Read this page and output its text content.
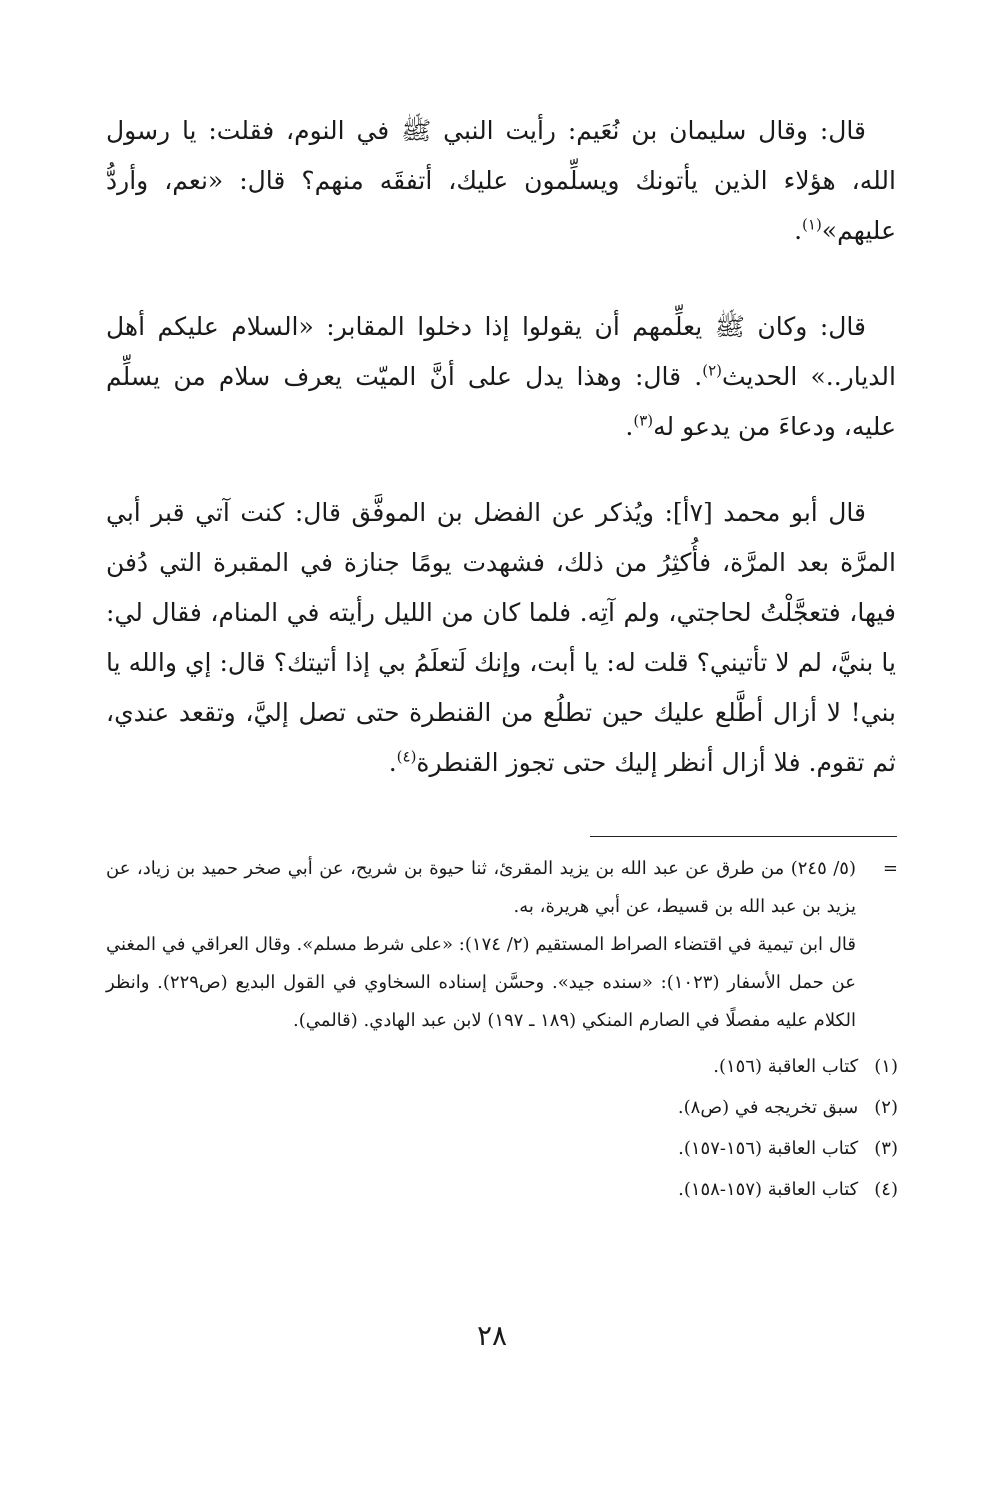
قال: وقال سليمان بن نُعَيم: رأيت النبي ﷺ في النوم، فقلت: يا رسول الله، هؤلاء الذين يأتونك ويسلِّمون عليك، أتفقَه منهم؟ قال: «نعم، وأردُّ عليهم»$^{(١)}$.

قال: وكان ﷺ يعلِّمهم أن يقولوا إذا دخلوا المقابر: «السلام عليكم أهل الديار..» الحديث$^{(٢)}$. قال: وهذا يدل على أنَّ الميّت يعرف سلام من يسلِّم عليه، ودعاءَ من يدعو له$^{(٣)}$.

قال أبو محمد [٧أ]: ويُذكر عن الفضل بن الموفَّق قال: كنت آتي قبر أبي المرَّة بعد المرَّة، فأُكثِرُ من ذلك، فشهدت يومًا جنازة في المقبرة التي دُفن فيها، فتعجَّلْتُ لحاجتي، ولم آتِه. فلما كان من الليل رأيته في المنام، فقال لي: يا بنيَّ، لم لا تأتيني؟ قلت له: يا أبت، وإنك لَتعلَمُ بي إذا أتيتك؟ قال: إي والله يا بني! لا أزال أطَّلع عليك حين تطلُع من القنطرة حتى تصل إليَّ، وتقعد عندي، ثم تقوم. فلا أزال أنظر إليك حتى تجوز القنطرة$^{(٤)}$.

=
(٥/ ٢٤٥) من طرق عن عبد الله بن يزيد المقرئ، ثنا حيوة بن شريح، عن أبي صخر حميد بن زياد، عن يزيد بن عبد الله بن قسيط، عن أبي هريرة، به.

قال ابن تيمية في اقتضاء الصراط المستقيم (٢/ ١٧٤): «على شرط مسلم». وقال العراقي في المغني عن حمل الأسفار (١٠٢٣): «سنده جيد». وحسَّن إسناده السخاوي في القول البديع (ص٢٢٩). وانظر الكلام عليه مفصلًا في الصارم المنكي (١٨٩ ـ ١٩٧) لابن عبد الهادي. (قالمي).

(١)كتاب العاقبة (١٥٦).
(٢)سبق تخريجه في (ص٨).
(٣)كتاب العاقبة (١٥٦-١٥٧).
(٤)كتاب العاقبة (١٥٧-١٥٨).
٢٨
